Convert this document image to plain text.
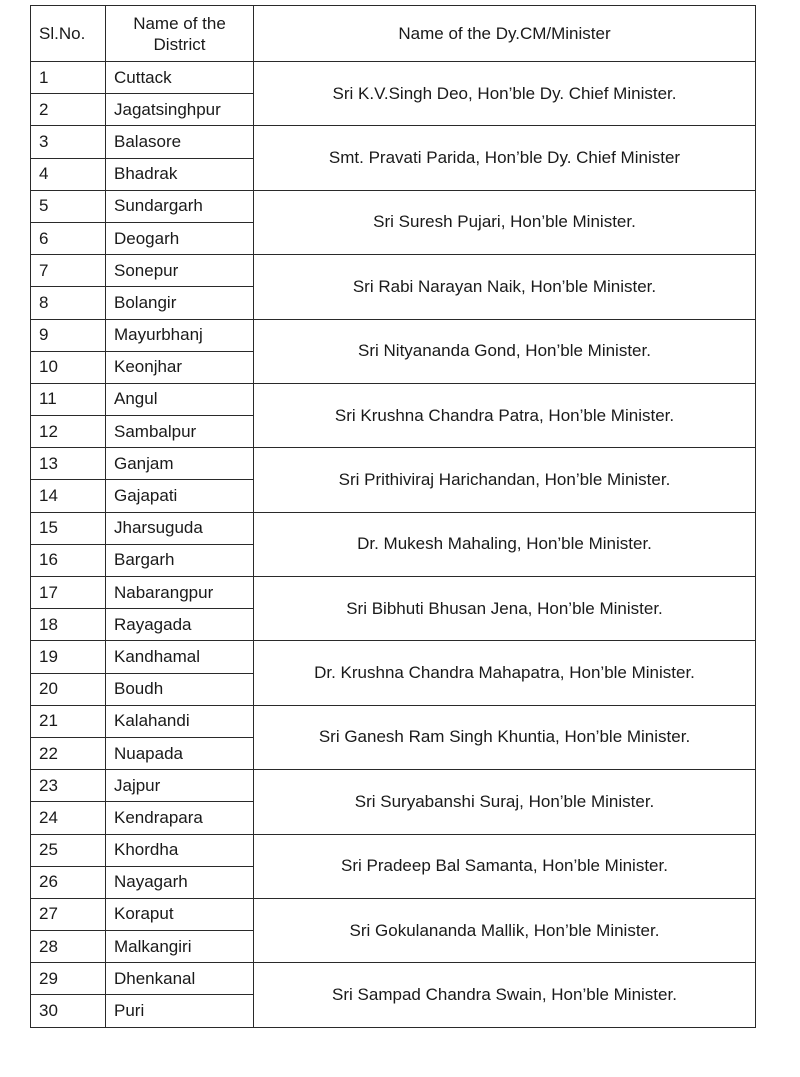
Sl.No.	Name of the District	Name of the Dy.CM/Minister
1	Cuttack	Sri K.V.Singh Deo, Hon’ble Dy. Chief Minister.
2	Jagatsinghpur	
3	Balasore	Smt. Pravati Parida, Hon’ble Dy. Chief Minister
4	Bhadrak	
5	Sundargarh	Sri Suresh Pujari, Hon’ble Minister.
6	Deogarh	
7	Sonepur	Sri Rabi Narayan Naik, Hon’ble Minister.
8	Bolangir	
9	Mayurbhanj	Sri Nityananda Gond, Hon’ble Minister.
10	Keonjhar	
11	Angul	Sri Krushna Chandra Patra, Hon’ble Minister.
12	Sambalpur	
13	Ganjam	Sri Prithiviraj Harichandan, Hon’ble Minister.
14	Gajapati	
15	Jharsuguda	Dr. Mukesh Mahaling, Hon’ble Minister.
16	Bargarh	
17	Nabarangpur	Sri Bibhuti Bhusan Jena, Hon’ble Minister.
18	Rayagada	
19	Kandhamal	Dr. Krushna Chandra Mahapatra, Hon’ble Minister.
20	Boudh	
21	Kalahandi	Sri Ganesh Ram Singh Khuntia, Hon’ble Minister.
22	Nuapada	
23	Jajpur	Sri Suryabanshi Suraj, Hon’ble Minister.
24	Kendrapara	
25	Khordha	Sri Pradeep Bal Samanta, Hon’ble Minister.
26	Nayagarh	
27	Koraput	Sri Gokulananda Mallik, Hon’ble Minister.
28	Malkangiri	
29	Dhenkanal	Sri Sampad Chandra Swain, Hon’ble Minister.
30	Puri	
